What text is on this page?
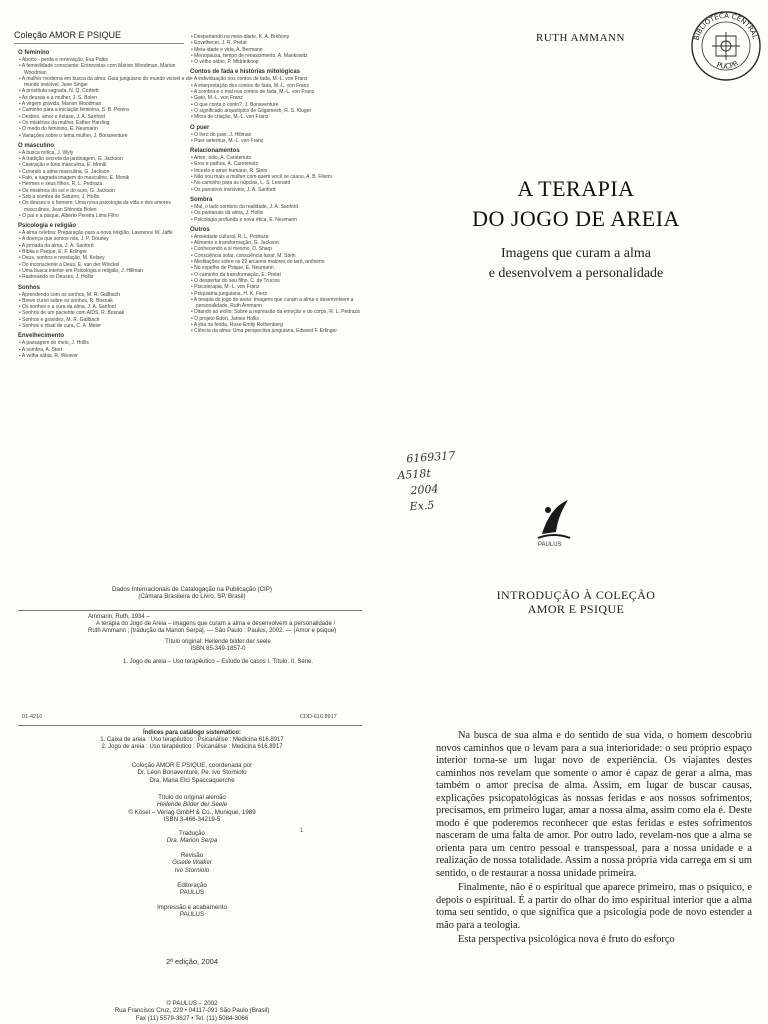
Coleção AMOR E PSIQUE
O feminino
• Aborto - perda e renovação, Eva Pattis
• A feminilidade consciente: Entrevistas com Marion Woodman, Marion Woodman
• A mulher moderna em busca da alma: Guia junguiano do mundo visível e do mundo invisível, June Singer
• A prostituta sagrada, N. Q. Corbett
• As deusas e a mulher, J. S. Bolen
• A virgem grávida, Marion Woodman
• Caminho para a iniciação feminina, S. B. Perera
• Destino, amor e êxtase, J. A. Sanford
• Os mistérios da mulher, Esther Harding
• O medo do feminino, E. Neumann
• Variações sobre o tema mulher, J. Bonaventure
O masculino
• A busca mítica, J. Wyly
• A tradição secreta da jardinagem, G. Jackson
• Castração e fúria masculina, E. Monik
• Curando a alma masculina, G. Jackson
• Falo, a sagrada imagem do masculino, E. Monik
• Hermes e seus filhos, R. L. Pedraza
• Os mistérios do sol e do ouro, G. Jackson
• Sob a sombra de Saturno, J. Hollis
• Os deuses e o homem: Uma nova psicologia da vida e dos amores masculinos, Jean Shinoda Bolen
• O pai e a psique, Alberto Pereira Lima Filho
Psicologia e religião
• A alma celebra: Preparação para a nova religião, Lawrence W. Jaffe
• A doença que somos nós, J. P. Dourley
• A jornada da alma, J. A. Sanford
• Bíblia e Psique, E. F. Edinger
• Deus, sonhos e revelação, M. Kelsey
• Do inconsciente a Deus, E. van der Winckel
• Uma busca interior em Psicologia e religião, J. Hillman
• Rastreando os Deuses, J. Hollis
Sonhos
• Aprendendo com os sonhos, M. R. Gallbach
• Breve curso sobre os sonhos, R. Bosnak
• Os sonhos e a cura da alma, J. A. Sanford
• Sonhos de um paciente com AIDS, R. Bosnak
• Sonhos e gravidez, M. R. Gallbach
• Sonhos e ritual de cura, C. A. Meier
Envelhecimento
• A passagem do meio, J. Hollis
• A sombra, A. Stort
• A velha sábia, R. Weaver
• Despertando na meia-idade, K. A. Brehony
• Envelhecer, J. R. Pretat
• Meia-idade e vida, A. Bermann
• Menopausa, tempo de renascimento, A. Mankowitz
• O velho sábio, P. Middelkoop
Contos de fada e histórias mitológicas
• A individuação nos contos de fada, M.-L. von Franz
• A interpretação dos contos de fada, M.-L. von Franz
• A sombra e o mal nos contos de fada, M.-L. von Franz
• Gato, M.-L. von Franz
• O que conta o conto?, J. Bonaventure
• O significado arquetípico de Gilgamesh, R. S. Kluger
• Mitos de criação, M.-L. von Franz
O puer
• O livro do puer, J. Hillman
• Puer aeternus, M.-L. von Franz
Relacionamentos
• Amor, ódio, A. Carotenuto
• Eros e pathos, A. Carotenuto
• Incesto e amor humano, R. Stein
• Não sou mais a mulher com quem você se casou, A. B. Filemi
• No caminho para as núpcias, L. S. Leonard
• Os parceiros invisíveis, J. A. Sanford
Sombra
• Mal, o lado sombrio da realidade, J. A. Sanford
• Os pantanais da alma, J. Hollis
• Psicologia profunda e nova ética, E. Neumann
Outros
• Ansiedade cultural, R. L. Pedraza
• Alimento e transformação, G. Jackson
• Conhecendo a si mesmo, D. Sharp
• Consciência solar, consciência lunar, M. Stein
• Meditações sobre os 22 arcanos maiores do tarô, anônimo
• No espelho de Psique, E. Neumann
• O caminho da transformação, E. Pretat
• O despertar do seu filho, C. de Trucios
• Psicoterapia, M.-L. von Franz
• Psiquiatria junguiana, H. K. Fierz
• A terapia do jogo de areia: Imagens que curam a alma e desenvolvem a personalidade, Ruth Ammann
• Ditando ao exílio: Sobre a repressão da emoção e do corpo, R. L. Pedraza
• O projeto Éden, James Hollis
• A jóia na ferida, Rose-Emily Rothenberg
• Ciência da alma: Uma perspectiva junguiana, Edward F. Edinger
RUTH AMMANN	BIBLIOTECA CENTRAL
PUCPR
A TERAPIA
DO JOGO DE AREIA
Imagens que curam a alma
e desenvolvem a personalidade
6169317
A518t
2004
Ex.5
PAULUS
Dados Internacionais de Catalogação na Publicação (CIP)
(Câmara Brasileira do Livro, SP, Brasil)
Ammann, Ruth, 1934 –
A terapia do Jogo de Areia – imagens que curam a alma e desenvolvem a personalidade / Ruth Ammann ; [tradução da Marion Serpa]. — São Paulo : Paulus, 2002. — (Amor e psique)
Título original: Heilende bilder der seele
ISBN 85-349-1857-0
1. Jogo de areia – Uso terapêutico – Estudo de casos I. Título. II. Série.
01-4216	CDD-616.8917
Índices para catálogo sistemático:
1. Caixa de areia : Uso terapêutico : Psicanálise : Medicina 616.8917
2. Jogo de areia : Uso terapêutico : Psicanálise : Medicina 616.8917
Coleção AMOR E PSIQUE, coordenada por
Dr. Léon Bonaventure, Pe. Ivo Storniolo
Dra. Maria Elci Spaccaquerche
Título do original alemão
Heilende Bilder der Seele
© Kösel – Verlag GmbH & Co., Munique, 1989
ISBN 3-466-34219-5
Tradução
Dra. Marion Serpa
1
Revisão
Giselle Walker
Ivo Storniolo
Editoração
PAULUS
Impressão e acabamento
PAULUS
2ª edição, 2004
© PAULUS – 2002
Rua Francisco Cruz, 229 • 04117-091 São Paulo (Brasil)
Fax (11) 5579-3627 • Tel. (11) 5084-3066
INTRODUÇÃO À COLEÇÃO
AMOR E PSIQUE

Na busca de sua alma e do sentido de sua vida, o homem descobriu novos caminhos que o levam para a sua interioridade: o seu próprio espaço interior torna-se um lugar novo de experiência. Os viajantes destes caminhos nos revelam que somente o amor é capaz de gerar a alma, mas também o amor precisa de alma. Assim, em lugar de buscar causas, explicações psicopatológicas às nossas feridas e aos nossos sofrimentos, precisamos, em primeiro lugar, amar a nossa alma, assim como ela é. Deste modo é que poderemos reconhecer que estas feridas e estes sofrimentos nasceram de uma falta de amor. Por outro lado, revelam-nos que a alma se orienta para um centro pessoal e transpessoal, para a nossa unidade e a realização de nossa totalidade. Assim a nossa própria vida carrega em si um sentido, o de restaurar a nossa unidade primeira.

Finalmente, não é o espiritual que aparece primeiro, mas o psíquico, e depois o espiritual. É a partir do olhar do imo espiritual interior que a alma toma seu sentido, o que significa que a psicologia pode de novo estender a mão para a teologia.

Esta perspectiva psicológica nova é fruto do esforço
